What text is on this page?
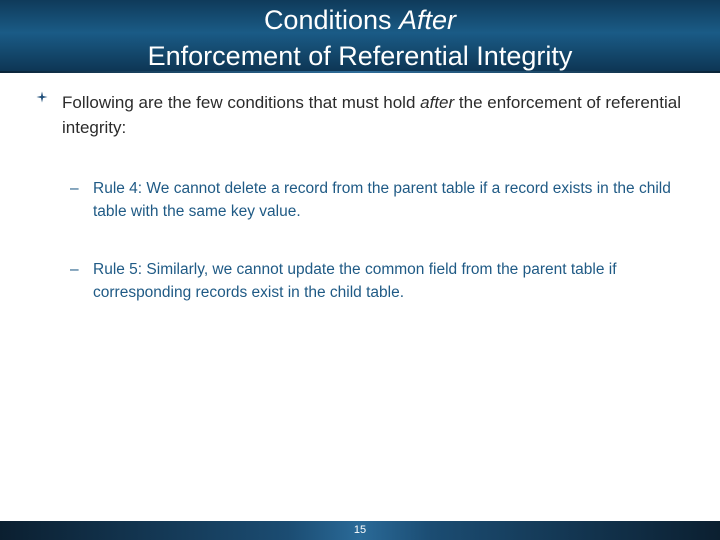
Conditions After
Enforcement of Referential Integrity
Following are the few conditions that must hold after the enforcement of referential integrity:
– Rule 4: We cannot delete a record from the parent table if a record exists in the child table with the same key value.
– Rule 5: Similarly, we cannot update the common field from the parent table if corresponding records exist in the child table.
15
